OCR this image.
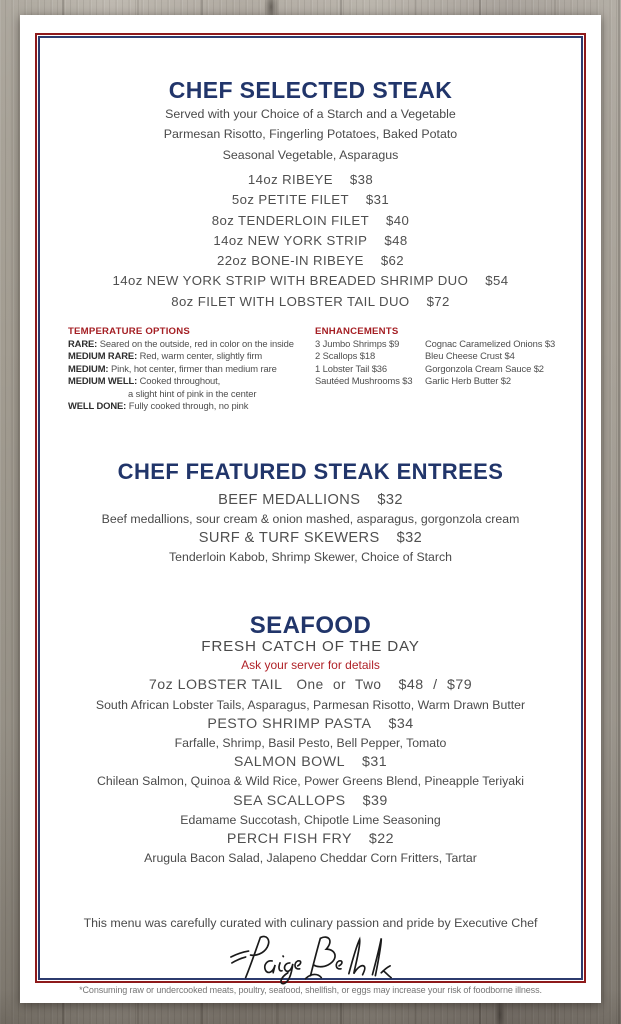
CHEF SELECTED STEAK
Served with your Choice of a Starch and a Vegetable
Parmesan Risotto, Fingerling Potatoes, Baked Potato
Seasonal Vegetable, Asparagus
14oz RIBEYE $38
5oz PETITE FILET $31
8oz TENDERLOIN FILET $40
14oz NEW YORK STRIP $48
22oz BONE-IN RIBEYE $62
14oz NEW YORK STRIP WITH BREADED SHRIMP DUO $54
8oz FILET WITH LOBSTER TAIL DUO $72
TEMPERATURE OPTIONS
RARE: Seared on the outside, red in color on the inside
MEDIUM RARE: Red, warm center, slightly firm
MEDIUM: Pink, hot center, firmer than medium rare
MEDIUM WELL: Cooked throughout,
a slight hint of pink in the center
WELL DONE: Fully cooked through, no pink
ENHANCEMENTS
3 Jumbo Shrimps $9
2 Scallops $18
1 Lobster Tail $36
Sautéed Mushrooms $3
Cognac Caramelized Onions $3
Bleu Cheese Crust $4
Gorgonzola Cream Sauce $2
Garlic Herb Butter $2
CHEF FEATURED STEAK ENTREES
BEEF MEDALLIONS $32
Beef medallions, sour cream & onion mashed, asparagus, gorgonzola cream
SURF & TURF SKEWERS $32
Tenderloin Kabob, Shrimp Skewer, Choice of Starch
SEAFOOD
FRESH CATCH OF THE DAY
Ask your server for details
7oz LOBSTER TAIL One or Two $48 / $79
South African Lobster Tails, Asparagus, Parmesan Risotto, Warm Drawn Butter
PESTO SHRIMP PASTA $34
Farfalle, Shrimp, Basil Pesto, Bell Pepper, Tomato
SALMON BOWL $31
Chilean Salmon, Quinoa & Wild Rice, Power Greens Blend, Pineapple Teriyaki
SEA SCALLOPS $39
Edamame Succotash, Chipotle Lime Seasoning
PERCH FISH FRY $22
Arugula Bacon Salad, Jalapeno Cheddar Corn Fritters, Tartar
This menu was carefully curated with culinary passion and pride by Executive Chef
*Consuming raw or undercooked meats, poultry, seafood, shellfish, or eggs may increase your risk of foodborne illness.
